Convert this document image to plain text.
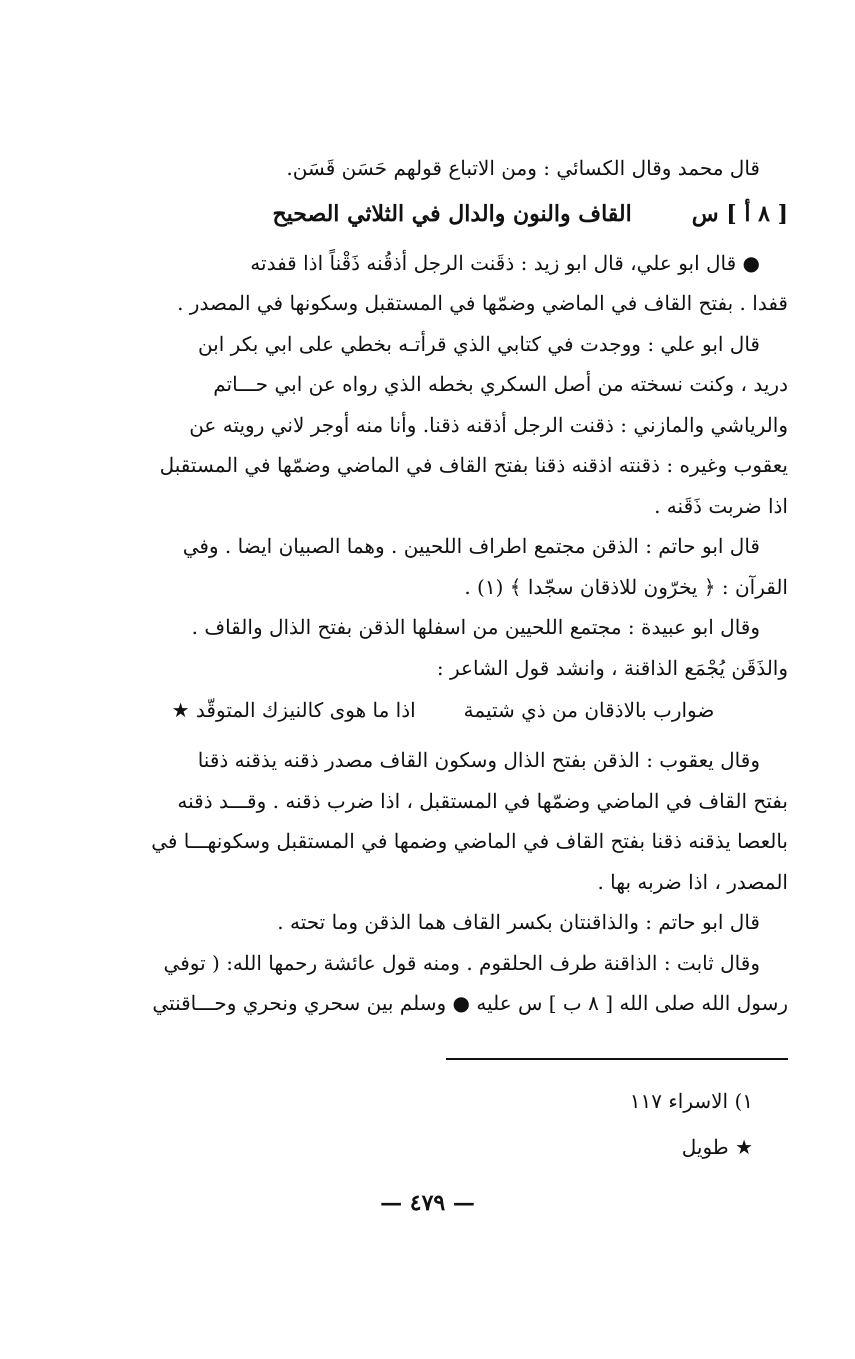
قال محمد وقال الكسائي : ومن الاتباع قولهم حَسَن قَسَن.
[ ٨ أ ] س
القاف والنون والدال في الثلاثي الصحيح
● قال ابو علي، قال ابو زيد : ذقَنت الرجل أذقُنه ذَقْناً اذا قفدته
قفدا . بفتح القاف في الماضي وضمّها في المستقبل وسكونها في المصدر .
قال ابو علي : ووجدت في كتابي الذي قرأتـه بخطي على ابي بكر ابن
دريد ، وكنت نسخته من أصل السكري بخطه الذي رواه عن ابي حـــاتم
والرياشي والمازني : ذقنت الرجل أذقنه ذقنا. وأنا منه أوجر لاني رويته عن
يعقوب وغيره : ذقنته اذقنه ذقنا بفتح القاف في الماضي وضمّها في المستقبل
اذا ضربت ذَقَنه .
قال ابو حاتم : الذقن مجتمع اطراف اللحيين . وهما الصبيان ايضا . وفي
القرآن : ﴿ يخرّون للاذقان سجّدا ﴾ (١) .
وقال ابو عبيدة : مجتمع اللحيين من اسفلها الذقن بفتح الذال والقاف .
والذَقَن يُجْمَع الذاقنة ، وانشد قول الشاعر :
ضوارب بالاذقان من ذي شتيمة
اذا ما هوى كالنيزك المتوقّد ★
وقال يعقوب : الذقن بفتح الذال وسكون القاف مصدر ذقنه يذقنه ذقنا
بفتح القاف في الماضي وضمّها في المستقبل ، اذا ضرب ذقنه . وقـــد ذقنه
بالعصا يذقنه ذقنا بفتح القاف في الماضي وضمها في المستقبل وسكونهـــا في
المصدر ، اذا ضربه بها .
قال ابو حاتم : والذاقنتان بكسر القاف هما الذقن وما تحته .
وقال ثابت : الذاقنة طرف الحلقوم . ومنه قول عائشة رحمها الله: ( توفي
رسول الله صلى الله [ ٨ ب ] س عليه ● وسلم بين سحري ونحري وحـــاقنتي
١) الاسراء ١١٧
★ طويل
— ٤٧٩ —
